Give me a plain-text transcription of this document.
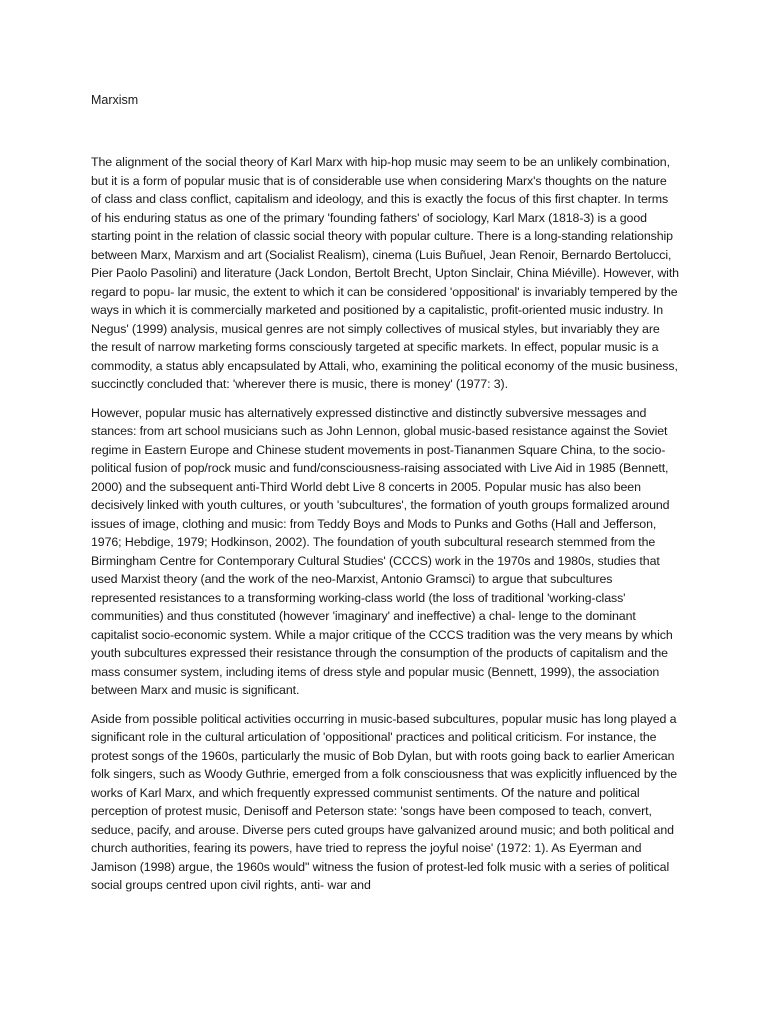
Marxism

The alignment of the social theory of Karl Marx with hip-hop music may seem to be an unlikely combination, but it is a form of popular music that is of considerable use when considering Marx's thoughts on the nature of class and class conflict, capitalism and ideology, and this is exactly the focus of this first chapter. In terms of his enduring status as one of the primary 'founding fathers' of sociology, Karl Marx (1818-3) is a good starting point in the relation of classic social theory with popular culture. There is a long-standing relationship between Marx, Marxism and art (Socialist Realism), cinema (Luis Buñuel, Jean Renoir, Bernardo Bertolucci, Pier Paolo Pasolini) and literature (Jack London, Bertolt Brecht, Upton Sinclair, China Miéville). However, with regard to popu- lar music, the extent to which it can be considered 'oppositional' is invariably tempered by the ways in which it is commercially marketed and positioned by a capitalistic, profit-oriented music industry. In Negus' (1999) analysis, musical genres are not simply collectives of musical styles, but invariably they are the result of narrow marketing forms consciously targeted at specific markets. In effect, popular music is a commodity, a status ably encapsulated by Attali, who, examining the political economy of the music business, succinctly concluded that: 'wherever there is music, there is money' (1977: 3).

However, popular music has alternatively expressed distinctive and distinctly subversive messages and stances: from art school musicians such as John Lennon, global music-based resistance against the Soviet regime in Eastern Europe and Chinese student movements in post-Tiananmen Square China, to the socio-political fusion of pop/rock music and fund/consciousness-raising associated with Live Aid in 1985 (Bennett, 2000) and the subsequent anti-Third World debt Live 8 concerts in 2005. Popular music has also been decisively linked with youth cultures, or youth 'subcultures', the formation of youth groups formalized around issues of image, clothing and music: from Teddy Boys and Mods to Punks and Goths (Hall and Jefferson, 1976; Hebdige, 1979; Hodkinson, 2002). The foundation of youth subcultural research stemmed from the Birmingham Centre for Contemporary Cultural Studies' (CCCS) work in the 1970s and 1980s, studies that used Marxist theory (and the work of the neo-Marxist, Antonio Gramsci) to argue that subcultures represented resistances to a transforming working-class world (the loss of traditional 'working-class' communities) and thus constituted (however 'imaginary' and ineffective) a chal- lenge to the dominant capitalist socio-economic system. While a major critique of the CCCS tradition was the very means by which youth subcultures expressed their resistance through the consumption of the products of capitalism and the mass consumer system, including items of dress style and popular music (Bennett, 1999), the association between Marx and music is significant.

Aside from possible political activities occurring in music-based subcultures, popular music has long played a significant role in the cultural articulation of 'oppositional' practices and political criticism. For instance, the protest songs of the 1960s, particularly the music of Bob Dylan, but with roots going back to earlier American folk singers, such as Woody Guthrie, emerged from a folk consciousness that was explicitly influenced by the works of Karl Marx, and which frequently expressed communist sentiments. Of the nature and political perception of protest music, Denisoff and Peterson state: 'songs have been composed to teach, convert, seduce, pacify, and arouse. Diverse pers cuted groups have galvanized around music; and both political and church authorities, fearing its powers, have tried to repress the joyful noise' (1972: 1). As Eyerman and Jamison (1998) argue, the 1960s would" witness the fusion of protest-led folk music with a series of political social groups centred upon civil rights, anti- war and
